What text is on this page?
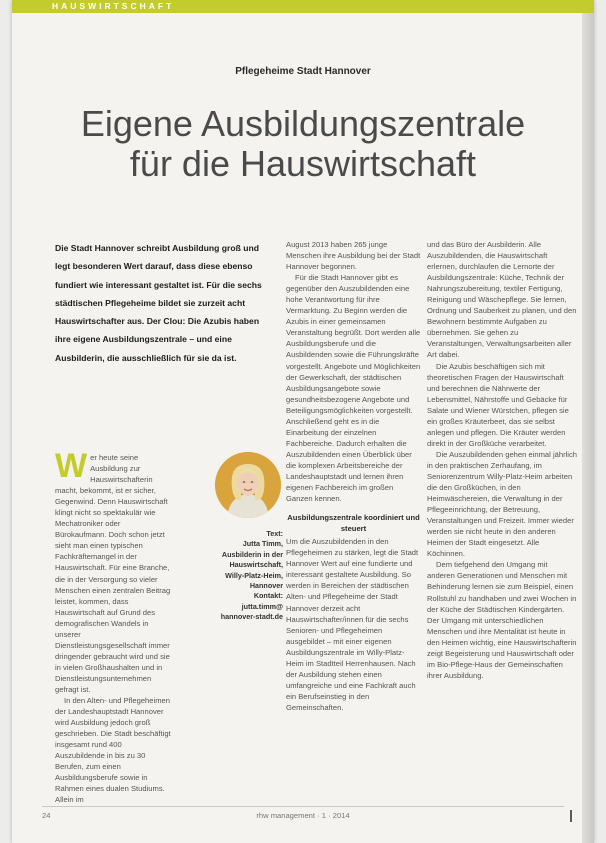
HAUSWIRTSCHAFT
Pflegeheime Stadt Hannover
Eigene Ausbildungszentrale
für die Hauswirtschaft
Die Stadt Hannover schreibt Ausbildung groß und legt besonderen Wert darauf, dass diese ebenso fundiert wie interessant gestaltet ist. Für die sechs städtischen Pflegeheime bildet sie zurzeit acht Hauswirtschafter aus. Der Clou: Die Azubis haben ihre eigene Ausbildungszentrale – und eine Ausbilderin, die ausschließlich für sie da ist.

W er heute seine Ausbildung zur Hauswirtschafterin macht, bekommt, ist er sicher, Gegenwind. Denn Hauswirtschaft klingt nicht so spektakulär wie Mechatroniker oder Bürokaufmann. Doch schon jetzt sieht man einen typischen Fachkräftemangel in der Hauswirtschaft. Für eine Branche, die in der Versorgung so vieler Menschen einen zentralen Beitrag leistet, kommen, dass Hauswirtschaft auf Grund des demografischen Wandels in unserer Dienstleistungsgesellschaft immer dringender gebraucht wird und sie in vielen Großhaushalten und in Dienstleistungsunternehmen gefragt ist.

In den Alten- und Pflegeheimen der Landeshauptstadt Hannover wird Ausbildung jedoch groß geschrieben. Die Stadt beschäftigt insgesamt rund 400 Auszubildende in bis zu 30 Berufen, zum einen Ausbildungsberufe sowie in Rahmen eines dualen Studiums. Allein im

Text:
Jutta Timm,
Ausbilderin in der
Hauswirtschaft,
Willy-Platz-Heim,
Hannover
Kontakt:
jutta.timm@
hannover-stadt.de

August 2013 haben 265 junge Menschen ihre Ausbildung bei der Stadt Hannover begonnen.

Für die Stadt Hannover gibt es gegenüber den Auszubildenden eine hohe Verantwortung für ihre Vermarktung. Zu Beginn werden die Azubis in einer gemeinsamen Veranstaltung begrüßt. Dort werden alle Ausbildungsberufe und die Ausbildenden sowie die Führungskräfte vorgestellt. Angebote und Möglichkeiten der Gewerkschaft, der städtischen Ausbildungsangebote sowie gesundheitsbezogene Angebote und Beteiligungsmöglichkeiten vorgestellt. Anschließend geht es in die Einarbeitung der einzelnen Fachbereiche. Dadurch erhalten die Auszubildenden einen Überblick über die komplexen Arbeitsbereiche der Landeshauptstadt und lernen ihren eigenen Fachbereich im großen Ganzen kennen.

Ausbildungszentrale koordiniert und steuert

Um die Auszubildenden in den Pflegeheimen zu stärken, legt die Stadt Hannover Wert auf eine fundierte und interessant gestaltete Ausbildung. So werden in Bereichen der städtischen Alten- und Pflegeheime der Stadt Hannover derzeit acht Hauswirtschafter/innen für die sechs Senioren- und Pflegeheimen ausgebildet – mit einer eigenen Ausbildungszentrale im Willy-Platz-Heim im Stadtteil Herrenhausen. Nach der Ausbildung stehen einen umfangreiche und eine Fachkraft auch ein Berufseinstieg in den Gemeinschaften.

und das Büro der Ausbilderin. Alle Auszubildenden, die Hauswirtschaft erlernen, durchlaufen die Lernorte der Ausbildungszentrale: Küche, Technik der Nahrungszubereitung, textiler Fertigung, Reinigung und Wäschepflege. Sie lernen, Ordnung und Sauberkeit zu planen, und den Bewohnern bestimmte Aufgaben zu übernehmen. Sie gehen zu Veranstaltungen, Verwaltungsarbeiten aller Art dabei.

Die Azubis beschäftigen sich mit theoretischen Fragen der Hauswirtschaft und berechnen die Nährwerte der Lebensmittel, Nährstoffe und Gebäcke für Salate und Wiener Würstchen, pflegen sie ein großes Kräuterbeet, das sie selbst anlegen und pflegen. Die Kräuter werden direkt in der Großküche verarbeitet.

Die Auszubildenden gehen einmal jährlich in den praktischen Zerhaufang, im Seniorenzentrum Willy-Platz-Heim arbeiten die den Großküchen, in den Heimwäschereien, die Verwaltung in der Pflegeeinrichtung, der Betreuung, Veranstaltungen und Freizeit. Immer wieder werden sie nicht heute in den anderen Heimen der Stadt eingesetzt. Alle Köchinnen.

Dem tiefgehend den Umgang mit anderen Generationen und Menschen mit Behinderung lernen sie zum Beispiel, einen Rollstuhl zu handhaben und zwei Wochen in der Küche der Städtischen Kindergärten. Der Umgang mit unterschiedlichen Menschen und ihre Mentalität ist heute in den Heimen wichtig, eine Hauswirtschafterin zeigt Begeisterung und Hauswirtschaft oder im Bio-Pflege-Haus der Gemeinschaften ihrer Ausbildung.

24	rhw management · 1 · 2014
